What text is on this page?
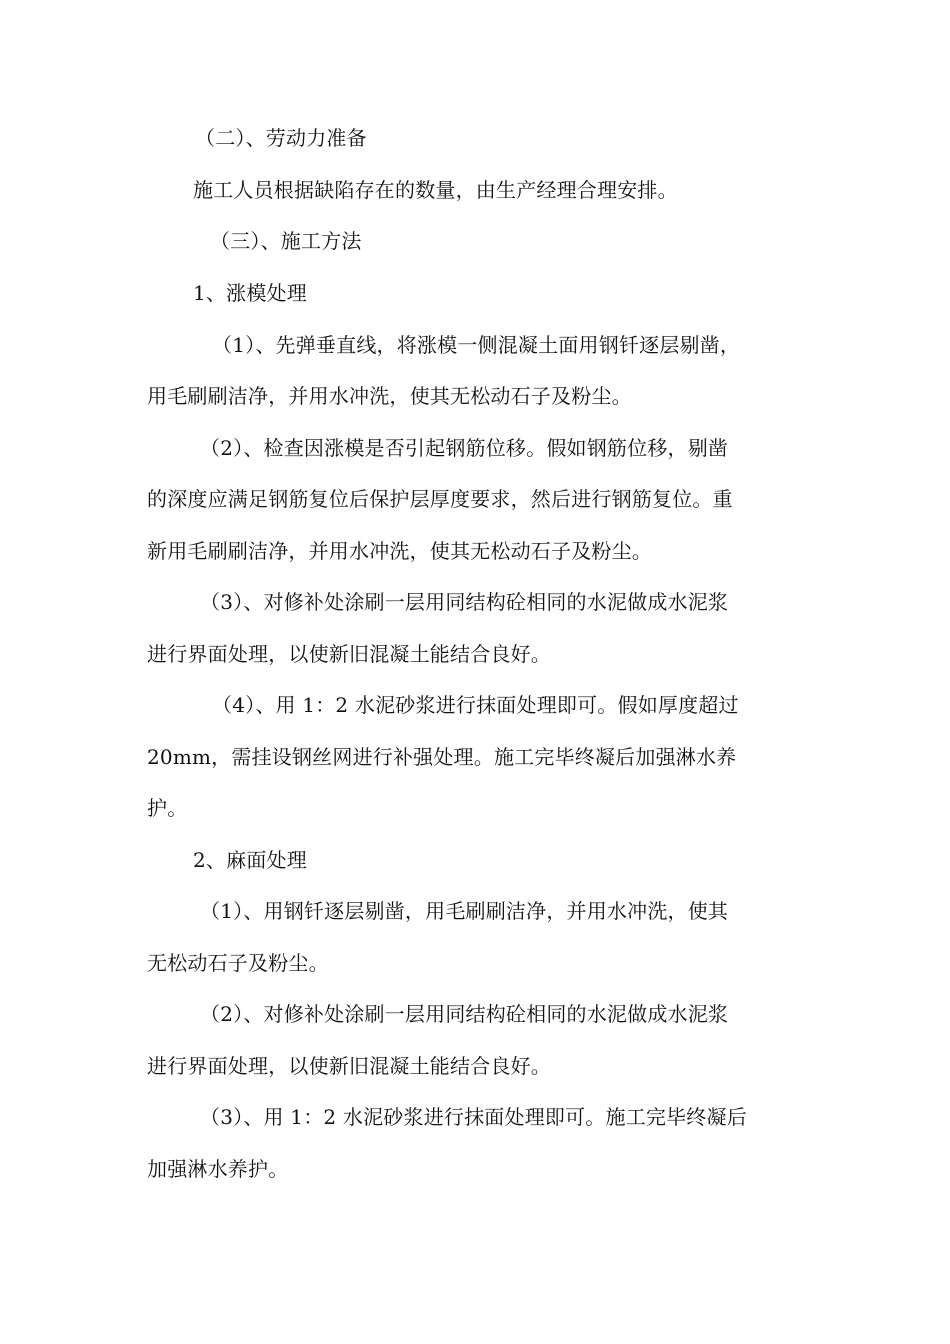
（二）、劳动力准备
施工人员根据缺陷存在的数量，由生产经理合理安排。
（三）、施工方法
1、涨模处理
（1）、先弹垂直线，将涨模一侧混凝土面用钢钎逐层剔凿，
用毛刷刷洁净，并用水冲洗，使其无松动石子及粉尘。
（2）、检查因涨模是否引起钢筋位移。假如钢筋位移，剔凿
的深度应满足钢筋复位后保护层厚度要求，然后进行钢筋复位。重
新用毛刷刷洁净，并用水冲洗，使其无松动石子及粉尘。
（3）、对修补处涂刷一层用同结构砼相同的水泥做成水泥浆
进行界面处理，以使新旧混凝土能结合良好。
（4）、用 1：2 水泥砂浆进行抹面处理即可。假如厚度超过
20mm，需挂设钢丝网进行补强处理。施工完毕终凝后加强淋水养
护。
2、麻面处理
（1）、用钢钎逐层剔凿，用毛刷刷洁净，并用水冲洗，使其
无松动石子及粉尘。
（2）、对修补处涂刷一层用同结构砼相同的水泥做成水泥浆
进行界面处理，以使新旧混凝土能结合良好。
（3）、用 1：2 水泥砂浆进行抹面处理即可。施工完毕终凝后
加强淋水养护。
